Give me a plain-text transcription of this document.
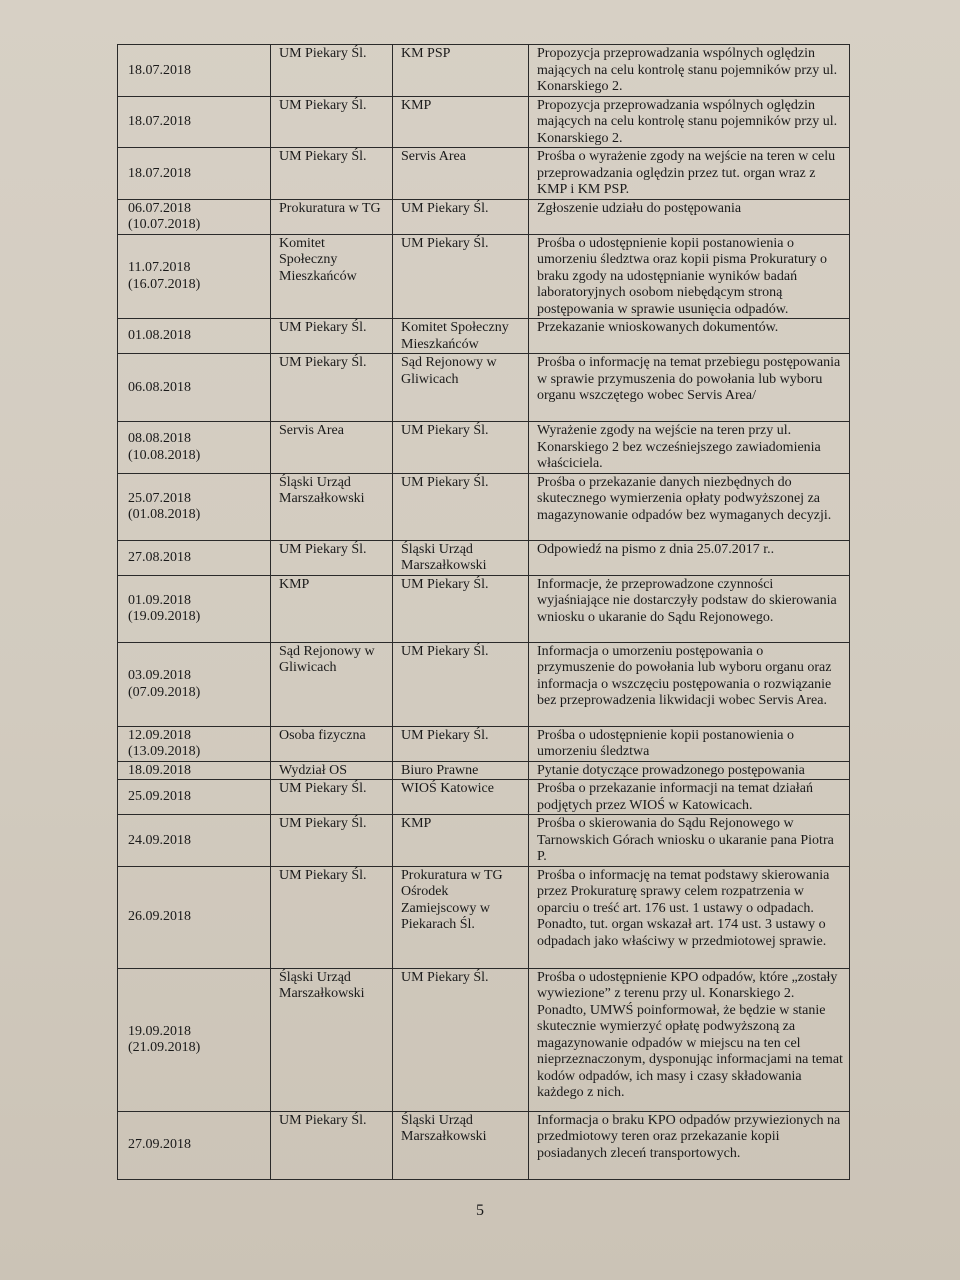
18.07.2018	UM Piekary Śl.	KM PSP	Propozycja przeprowadzania wspólnych oględzin mających na celu kontrolę stanu pojemników przy ul. Konarskiego 2.
18.07.2018	UM Piekary Śl.	KMP	Propozycja przeprowadzania wspólnych oględzin mających na celu kontrolę stanu pojemników przy ul. Konarskiego 2.
18.07.2018	UM Piekary Śl.	Servis Area	Prośba o wyrażenie zgody na wejście na teren w celu przeprowadzania oględzin przez tut. organ wraz z KMP i KM PSP.
06.07.2018 (10.07.2018)	Prokuratura w TG	UM Piekary Śl.	Zgłoszenie udziału do postępowania
11.07.2018 (16.07.2018)	Komitet Społeczny Mieszkańców	UM Piekary Śl.	Prośba o udostępnienie kopii postanowienia o umorzeniu śledztwa oraz kopii pisma Prokuratury o braku zgody na udostępnianie wyników badań laboratoryjnych osobom niebędącym stroną postępowania w sprawie usunięcia odpadów.
01.08.2018	UM Piekary Śl.	Komitet Społeczny Mieszkańców	Przekazanie wnioskowanych dokumentów.
06.08.2018	UM Piekary Śl.	Sąd Rejonowy w Gliwicach	Prośba o informację na temat przebiegu postępowania w sprawie przymuszenia do powołania lub wyboru organu wszczętego wobec Servis Area/
08.08.2018 (10.08.2018)	Servis Area	UM Piekary Śl.	Wyrażenie zgody na wejście na teren przy ul. Konarskiego 2 bez wcześniejszego zawiadomienia właściciela.
25.07.2018 (01.08.2018)	Śląski Urząd Marszałkowski	UM Piekary Śl.	Prośba o przekazanie danych niezbędnych do skutecznego wymierzenia opłaty podwyższonej za magazynowanie odpadów bez wymaganych decyzji.
27.08.2018	UM Piekary Śl.	Śląski Urząd Marszałkowski	Odpowiedź na pismo z dnia 25.07.2017 r..
01.09.2018 (19.09.2018)	KMP	UM Piekary Śl.	Informacje, że przeprowadzone czynności wyjaśniające nie dostarczyły podstaw do skierowania wniosku o ukaranie do Sądu Rejonowego.
03.09.2018 (07.09.2018)	Sąd Rejonowy w Gliwicach	UM Piekary Śl.	Informacja o umorzeniu postępowania o przymuszenie do powołania lub wyboru organu oraz informacja o wszczęciu postępowania o rozwiązanie bez przeprowadzenia likwidacji wobec Servis Area.
12.09.2018 (13.09.2018)	Osoba fizyczna	UM Piekary Śl.	Prośba o udostępnienie kopii postanowienia o umorzeniu śledztwa
18.09.2018	Wydział OS	Biuro Prawne	Pytanie dotyczące prowadzonego postępowania
25.09.2018	UM Piekary Śl.	WIOŚ Katowice	Prośba o przekazanie informacji na temat działań podjętych przez WIOŚ w Katowicach.
24.09.2018	UM Piekary Śl.	KMP	Prośba o skierowania do Sądu Rejonowego w Tarnowskich Górach wniosku o ukaranie pana Piotra P.
26.09.2018	UM Piekary Śl.	Prokuratura w TG Ośrodek Zamiejscowy w Piekarach Śl.	Prośba o informację na temat podstawy skierowania przez Prokuraturę sprawy celem rozpatrzenia w oparciu o treść art. 176 ust. 1 ustawy o odpadach. Ponadto, tut. organ wskazał art. 174 ust. 3 ustawy o odpadach jako właściwy w przedmiotowej sprawie.
19.09.2018 (21.09.2018)	Śląski Urząd Marszałkowski	UM Piekary Śl.	Prośba o udostępnienie KPO odpadów, które „zostały wywiezione” z terenu przy ul. Konarskiego 2. Ponadto, UMWŚ poinformował, że będzie w stanie skutecznie wymierzyć opłatę podwyższoną za magazynowanie odpadów w miejscu na ten cel nieprzeznaczonym, dysponując informacjami na temat kodów odpadów, ich masy i czasy składowania każdego z nich.
27.09.2018	UM Piekary Śl.	Śląski Urząd Marszałkowski	Informacja o braku KPO odpadów przywiezionych na przedmiotowy teren oraz przekazanie kopii posiadanych zleceń transportowych.
5
